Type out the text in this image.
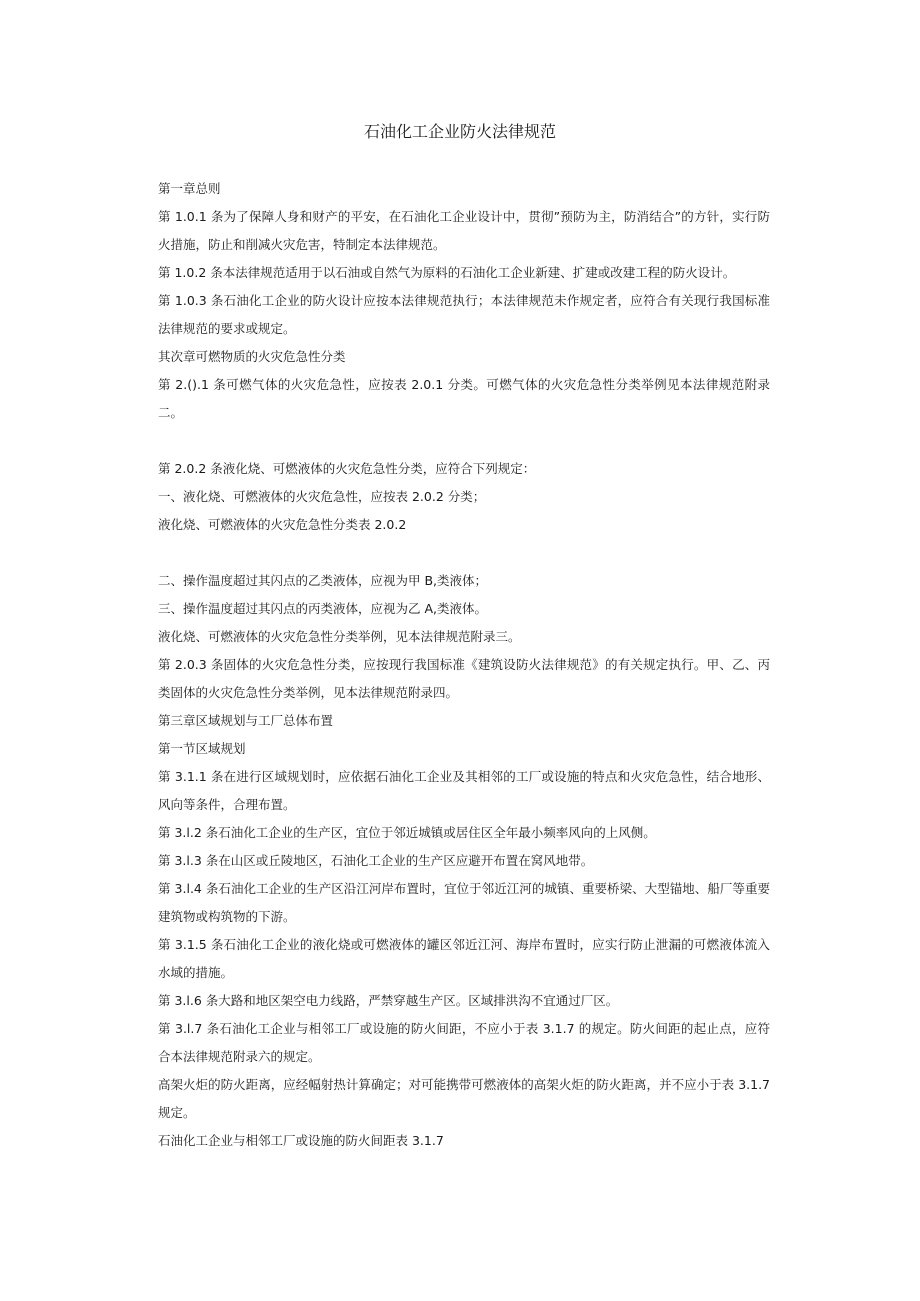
石油化工企业防火法律规范

第一章总则

第 1.0.1 条为了保障人身和财产的平安，在石油化工企业设计中，贯彻”预防为主，防消结合”的方针，实行防火措施，防止和削减火灾危害，特制定本法律规范。

第 1.0.2 条本法律规范适用于以石油或自然气为原料的石油化工企业新建、扩建或改建工程的防火设计。

第 1.0.3 条石油化工企业的防火设计应按本法律规范执行；本法律规范未作规定者，应符合有关现行我国标准法律规范的要求或规定。

其次章可燃物质的火灾危急性分类

第 2.().1 条可燃气体的火灾危急性，应按表 2.0.1 分类。可燃气体的火灾危急性分类举例见本法律规范附录二。

第 2.0.2 条液化烧、可燃液体的火灾危急性分类，应符合下列规定：

一、液化烧、可燃液体的火灾危急性，应按表 2.0.2 分类；

液化烧、可燃液体的火灾危急性分类表 2.0.2

二、操作温度超过其闪点的乙类液体，应视为甲 B,类液体；

三、操作温度超过其闪点的丙类液体，应视为乙 A,类液体。

液化烧、可燃液体的火灾危急性分类举例，见本法律规范附录三。

第 2.0.3 条固体的火灾危急性分类，应按现行我国标准《建筑设防火法律规范》的有关规定执行。甲、乙、丙类固体的火灾危急性分类举例，见本法律规范附录四。

第三章区域规划与工厂总体布置

第一节区域规划

第 3.1.1 条在进行区域规划时，应依据石油化工企业及其相邻的工厂或设施的特点和火灾危急性，结合地形、风向等条件，合理布置。

第 3.l.2 条石油化工企业的生产区，宜位于邻近城镇或居住区全年最小频率风向的上风侧。

第 3.l.3 条在山区或丘陵地区，石油化工企业的生产区应避开布置在窝风地带。

第 3.l.4 条石油化工企业的生产区沿江河岸布置时，宜位于邻近江河的城镇、重要桥梁、大型锚地、船厂等重要建筑物或构筑物的下游。

第 3.1.5 条石油化工企业的液化烧或可燃液体的罐区邻近江河、海岸布置时，应实行防止泄漏的可燃液体流入水域的措施。

第 3.l.6 条大路和地区架空电力线路，严禁穿越生产区。区域排洪沟不宜通过厂区。

第 3.l.7 条石油化工企业与相邻工厂或设施的防火间距，不应小于表 3.1.7 的规定。防火间距的起止点，应符合本法律规范附录六的规定。

高架火炬的防火距离，应经幅射热计算确定；对可能携带可燃液体的高架火炬的防火距离，并不应小于表 3.1.7 规定。

石油化工企业与相邻工厂或设施的防火间距表 3.1.7
